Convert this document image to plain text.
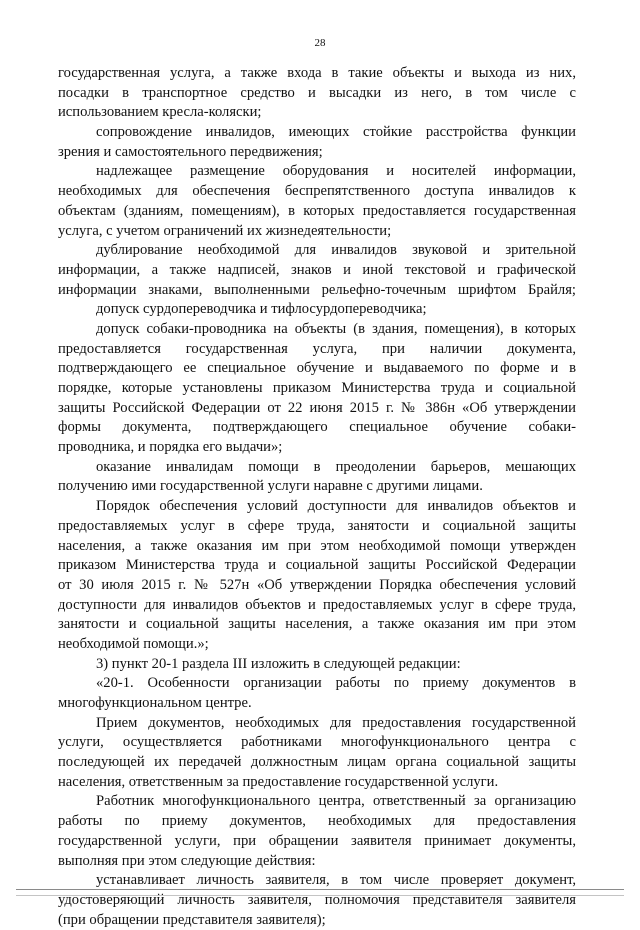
28
государственная услуга, а также входа в такие объекты и выхода из них,
посадки в транспортное средство и высадки из него, в том числе с
использованием кресла-коляски;
сопровождение инвалидов, имеющих стойкие расстройства функции
зрения и самостоятельного передвижения;
надлежащее размещение оборудования и носителей информации,
необходимых для обеспечения беспрепятственного доступа инвалидов к
объектам (зданиям, помещениям), в которых предоставляется государственная
услуга, с учетом ограничений их жизнедеятельности;
дублирование необходимой для инвалидов звуковой и зрительной
информации, а также надписей, знаков и иной текстовой и графической
информации знаками, выполненными рельефно-точечным шрифтом Брайля;
допуск сурдопереводчика и тифлосурдопереводчика;
допуск собаки-проводника на объекты (в здания, помещения), в которых
предоставляется государственная услуга, при наличии документа,
подтверждающего ее специальное обучение и выдаваемого по форме и в
порядке, которые установлены приказом Министерства труда и социальной
защиты Российской Федерации от 22 июня 2015 г. № 386н «Об утверждении
формы документа, подтверждающего специальное обучение собаки-
проводника, и порядка его выдачи»;
оказание инвалидам помощи в преодолении барьеров, мешающих
получению ими государственной услуги наравне с другими лицами.
Порядок обеспечения условий доступности для инвалидов объектов и
предоставляемых услуг в сфере труда, занятости и социальной защиты
населения, а также оказания им при этом необходимой помощи утвержден
приказом Министерства труда и социальной защиты Российской Федерации
от 30 июля 2015 г. № 527н «Об утверждении Порядка обеспечения условий
доступности для инвалидов объектов и предоставляемых услуг в сфере труда,
занятости и социальной защиты населения, а также оказания им при этом
необходимой помощи.»;
3) пункт 20-1 раздела III изложить в следующей редакции:
«20-1. Особенности организации работы по приему документов в
многофункциональном центре.
Прием документов, необходимых для предоставления государственной
услуги, осуществляется работниками многофункционального центра с
последующей их передачей должностным лицам органа социальной защиты
населения, ответственным за предоставление государственной услуги.
Работник многофункционального центра, ответственный за организацию
работы по приему документов, необходимых для предоставления
государственной услуги, при обращении заявителя принимает документы,
выполняя при этом следующие действия:
устанавливает личность заявителя, в том числе проверяет документ,
удостоверяющий личность заявителя, полномочия представителя заявителя
(при обращении представителя заявителя);
